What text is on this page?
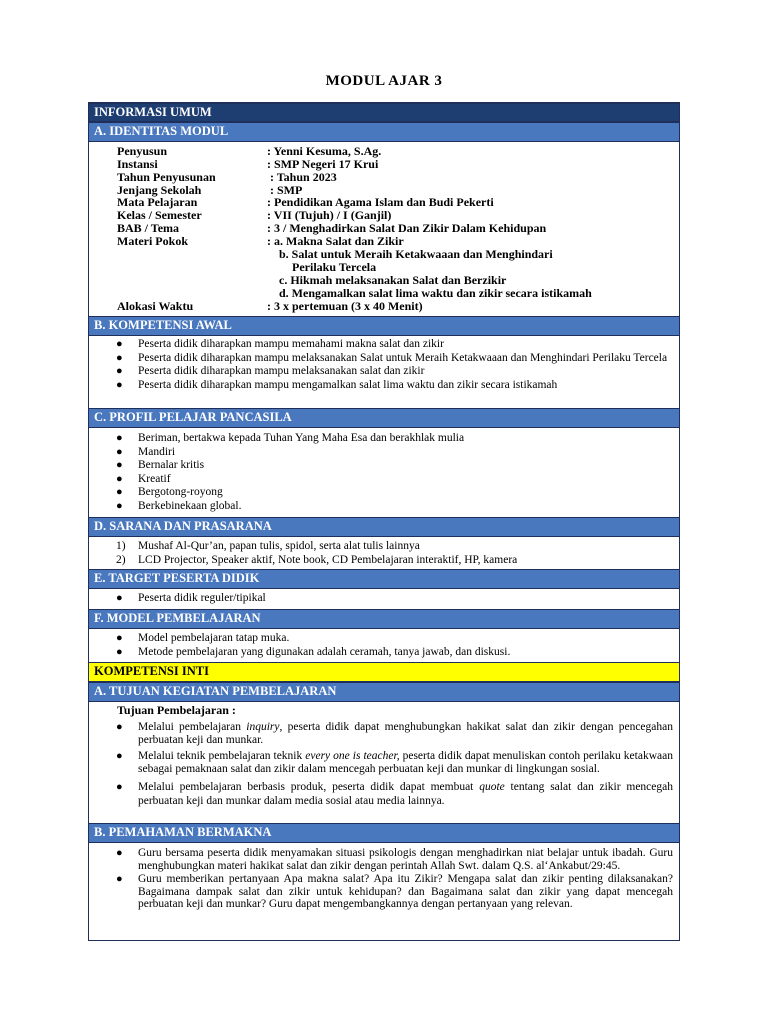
MODUL AJAR 3
INFORMASI UMUM
A. IDENTITAS MODUL
Penyusun	: Yenni Kesuma, S.Ag.
Instansi	: SMP Negeri 17 Krui
Tahun Penyusunan	: Tahun 2023
Jenjang Sekolah	: SMP
Mata Pelajaran	: Pendidikan Agama Islam dan Budi Pekerti
Kelas / Semester	: VII (Tujuh) / I (Ganjil)
BAB / Tema	: 3 / Menghadirkan Salat Dan Zikir Dalam Kehidupan
Materi Pokok	: a. Makna Salat dan Zikir
b. Salat untuk Meraih Ketakwaaan dan Menghindari
Perilaku Tercela
c. Hikmah melaksanakan Salat dan Berzikir
d. Mengamalkan salat lima waktu dan zikir secara istikamah
Alokasi Waktu	: 3 x pertemuan (3 x 40 Menit)
B. KOMPETENSI AWAL
● Peserta didik diharapkan mampu memahami makna salat dan zikir
● Peserta didik diharapkan mampu melaksanakan Salat untuk Meraih Ketakwaaan dan Menghindari Perilaku Tercela
● Peserta didik diharapkan mampu melaksanakan salat dan zikir
● Peserta didik diharapkan mampu mengamalkan salat lima waktu dan zikir secara istikamah
C. PROFIL PELAJAR PANCASILA
● Beriman, bertakwa kepada Tuhan Yang Maha Esa dan berakhlak mulia
● Mandiri
● Bernalar kritis
● Kreatif
● Bergotong-royong
● Berkebinekaan global.
D. SARANA DAN PRASARANA
1) Mushaf Al-Qur’an, papan tulis, spidol, serta alat tulis lainnya
2) LCD Projector, Speaker aktif, Note book, CD Pembelajaran interaktif, HP, kamera
E. TARGET PESERTA DIDIK
● Peserta didik reguler/tipikal
F. MODEL PEMBELAJARAN
● Model pembelajaran tatap muka.
● Metode pembelajaran yang digunakan adalah ceramah, tanya jawab, dan diskusi.
KOMPETENSI INTI
A. TUJUAN KEGIATAN PEMBELAJARAN
Tujuan Pembelajaran :
● Melalui pembelajaran inquiry, peserta didik dapat menghubungkan hakikat salat dan zikir dengan pencegahan perbuatan keji dan munkar.
● Melalui teknik pembelajaran teknik every one is teacher, peserta didik dapat menuliskan contoh perilaku ketakwaan sebagai pemaknaan salat dan zikir dalam mencegah perbuatan keji dan munkar di lingkungan sosial.
● Melalui pembelajaran berbasis produk, peserta didik dapat membuat quote tentang salat dan zikir mencegah perbuatan keji dan munkar dalam media sosial atau media lainnya.
B. PEMAHAMAN BERMAKNA
● Guru bersama peserta didik menyamakan situasi psikologis dengan menghadirkan niat belajar untuk ibadah. Guru menghubungkan materi hakikat salat dan zikir dengan perintah Allah Swt. dalam Q.S. al‘Ankabut/29:45.
● Guru memberikan pertanyaan Apa makna salat? Apa itu Zikir? Mengapa salat dan zikir penting dilaksanakan? Bagaimana dampak salat dan zikir untuk kehidupan? dan Bagaimana salat dan zikir yang dapat mencegah perbuatan keji dan munkar? Guru dapat mengembangkannya dengan pertanyaan yang relevan.
